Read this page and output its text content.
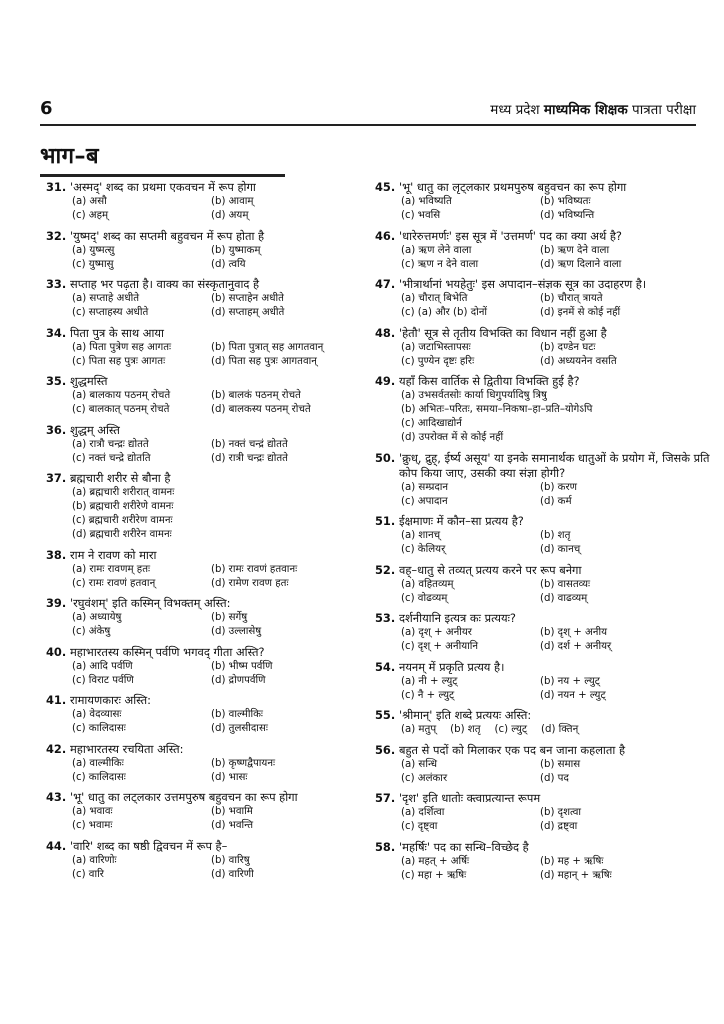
6	मध्य प्रदेश माध्यमिक शिक्षक पात्रता परीक्षा
भाग–ब
31. 'अस्मद्' शब्द का प्रथमा एकवचन में रूप होगा
(a) असौ	(b) आवाम्
(c) अहम्	(d) अयम्
32. 'युष्मद्' शब्द का सप्तमी बहुवचन में रूप होता है
(a) युष्मत्सु	(b) युष्माकम्
(c) युष्मासु	(d) त्वयि
33. सप्ताह भर पढ़ता है। वाक्य का संस्कृतानुवाद है
(a) सप्ताहे अधीते	(b) सप्ताहेन अधीते
(c) सप्ताहस्य अधीते	(d) सप्ताहम् अधीते
34. पिता पुत्र के साथ आया
(a) पिता पुत्रेण सह आगतः	(b) पिता पुत्रात् सह आगतवान्
(c) पिता सह पुत्रः आगतः	(d) पिता सह पुत्रः आगतवान्
35. शुद्धमस्ति
(a) बालकाय पठनम् रोचते	(b) बालकं पठनम् रोचते
(c) बालकात् पठनम् रोचते	(d) बालकस्य पठनम् रोचते
36. शुद्धम् अस्ति
(a) रात्रौ चन्द्रः द्योतते	(b) नक्तं चन्द्रं द्योतते
(c) नक्तं चन्द्रे द्योतति	(d) रात्री चन्द्रः द्योतते
37. ब्रह्मचारी शरीर से बौना है
(a) ब्रह्मचारी शरीरात् वामनः
(b) ब्रह्मचारी शरीरेणे वामनः
(c) ब्रह्मचारी शरीरेण वामनः
(d) ब्रह्मचारी शरीरेन वामनः
38. राम ने रावण को मारा
(a) रामः रावणम् हतः	(b) रामः रावणं हतवानः
(c) रामः रावणं हतवान्	(d) रामेण रावण हतः
39. 'रघुवंशम्' इति कस्मिन् विभक्तम् अस्ति:
(a) अध्यायेषु	(b) सर्गेषु
(c) अंकेषु	(d) उल्लासेषु
40. महाभारतस्य कस्मिन् पर्वणि भगवद् गीता अस्ति?
(a) आदि पर्वणि	(b) भीष्म पर्वणि
(c) विराट पर्वणि	(d) द्रोणपर्वणि
41. रामायणकारः अस्ति:
(a) वेदव्यासः	(b) वाल्मीकिः
(c) कालिदासः	(d) तुलसीदासः
42. महाभारतस्य रचयिता अस्ति:
(a) वाल्मीकिः	(b) कृष्णद्वैपायनः
(c) कालिदासः	(d) भासः
43. 'भू' धातु का लट्लकार उत्तमपुरुष बहुवचन का रूप होगा
(a) भवावः	(b) भवामि
(c) भवामः	(d) भवन्ति
44. 'वारि' शब्द का षष्ठी द्विवचन में रूप है–
(a) वारिणोः	(b) वारिषु
(c) वारि	(d) वारिणी
45. 'भू' धातु का लृट्लकार प्रथमपुरुष बहुवचन का रूप होगा
(a) भविष्यति	(b) भविष्यतः
(c) भवसि	(d) भविष्यन्ति
46. 'धारेरुत्तमर्णः' इस सूत्र में 'उत्तमर्ण' पद का क्या अर्थ है?
(a) ऋण लेने वाला	(b) ऋण देने वाला
(c) ऋण न देने वाला	(d) ऋण दिलाने वाला
47. 'भीत्रार्थानां भयहेतुः' इस अपादान–संज्ञक सूत्र का उदाहरण है।
(a) चौरात् बिभेति	(b) चौरात् त्रायते
(c) (a) और (b) दोनों	(d) इनमें से कोई नहीं
48. 'हेतौ' सूत्र से तृतीय विभक्ति का विधान नहीं हुआ है
(a) जटाभिस्तापसः	(b) दण्डेन घटः
(c) पुण्येन दृष्टः हरिः	(d) अध्ययनेन वसति
49. यहाँ किस वार्तिक से द्वितीया विभक्ति हुई है?
(a) उभसर्वतसोः कार्या धिगुपर्यादिषु त्रिषु
(b) अभितः–परितः, समया–निकषा–हा–प्रति–योगेऽपि
(c) आदिखाद्योर्न
(d) उपरोक्त में से कोई नहीं
50. 'क्रुध्, द्रुह्, ईर्ष्य असूय' या इनके समानार्थक धातुओं के प्रयोग में, जिसके प्रति कोप किया जाए, उसकी क्या संज्ञा होगी?
(a) सम्प्रदान	(b) करण
(c) अपादान	(d) कर्म
51. ईक्षमाणः में कौन–सा प्रत्यय है?
(a) शानच्	(b) शतृ
(c) केलियर्	(d) कानच्
52. वह्–धातु से तव्यत् प्रत्यय करने पर रूप बनेगा
(a) वहितव्यम्	(b) वासतव्यः
(c) वोढव्यम्	(d) वाढव्यम्
53. दर्शनीयानि इत्यत्र कः प्रत्ययः?
(a) दृश् + अनीयर	(b) दृश् + अनीय
(c) दृश् + अनीयानि	(d) दर्श + अनीयर्
54. नयनम् में प्रकृति प्रत्यय है।
(a) नी + ल्युट्	(b) नय + ल्युट्
(c) नै + ल्युट्	(d) नयन + ल्युट्
55. 'श्रीमान्' इति शब्दे प्रत्ययः अस्ति:
(a) मतुप् (b) शतृ (c) ल्युट् (d) क्तिन्
56. बहुत से पदों को मिलाकर एक पद बन जाना कहलाता है
(a) सन्धि	(b) समास
(c) अलंकार	(d) पद
57. 'दृश' इति धातोः क्त्वाप्रत्यान्त रूपम
(a) दर्शित्वा	(b) दृशत्वा
(c) दृष्ट्वा	(d) द्रष्ट्वा
58. 'महर्षिः' पद का सन्धि–विच्छेद है
(a) महत् + अर्षिः	(b) मह + ऋषिः
(c) महा + ऋषिः	(d) महान् + ऋषिः
